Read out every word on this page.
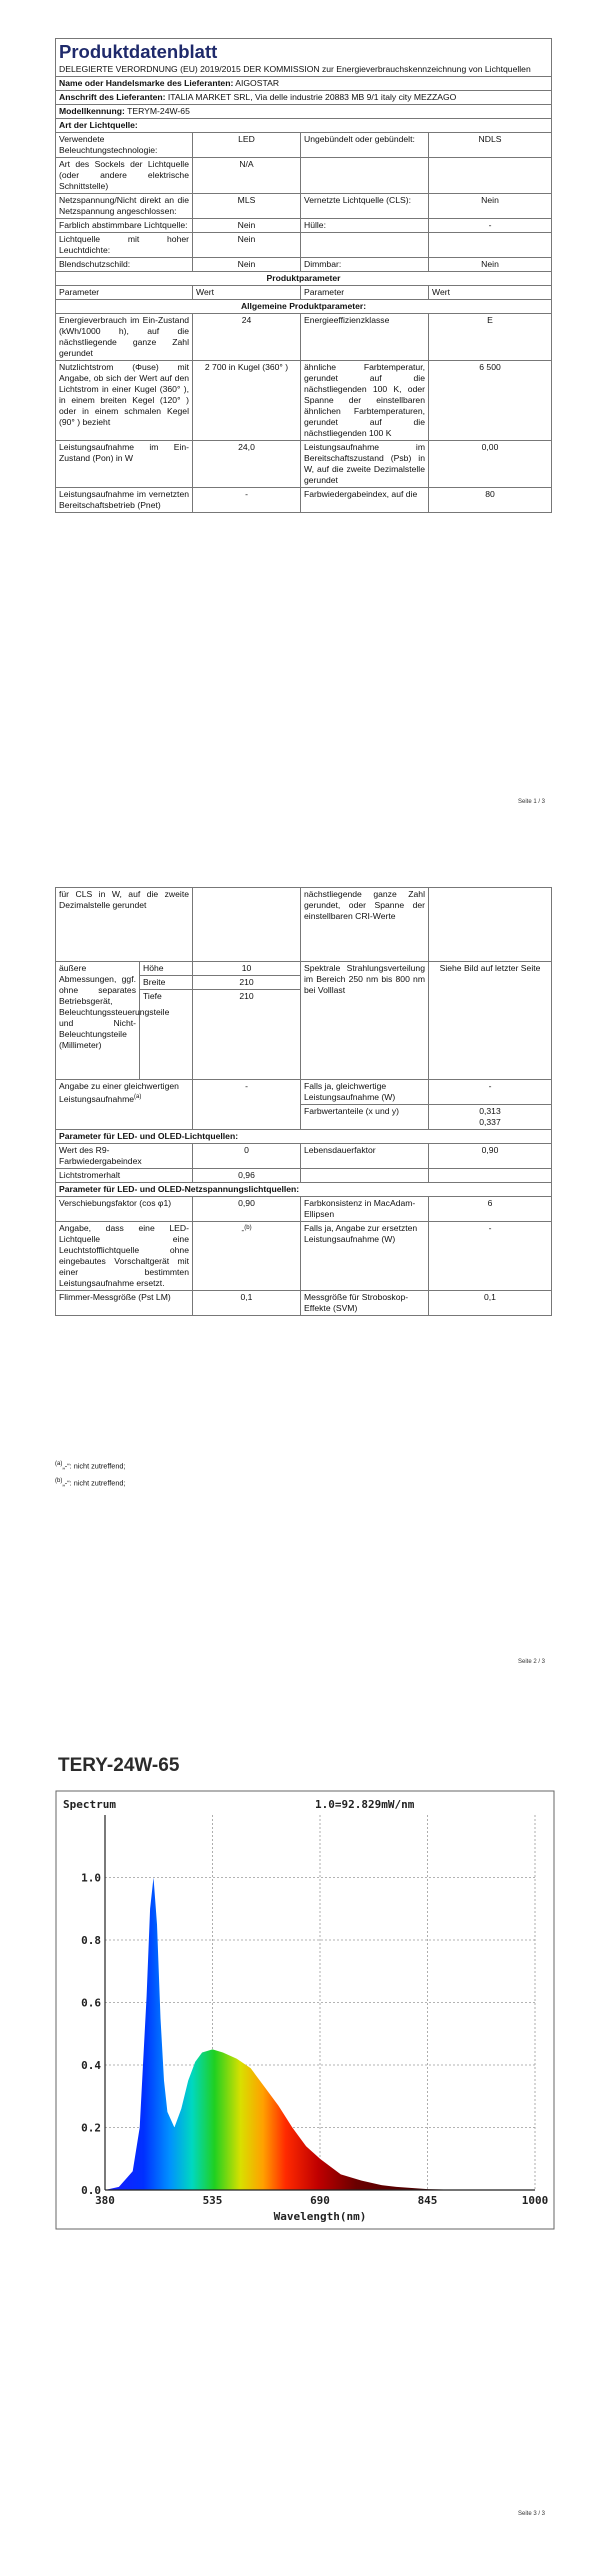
Produktdatenblatt			
DELEGIERTE VERORDNUNG (EU) 2019/2015 DER KOMMISSION zur Energieverbrauchskennzeichnung von Lichtquellen			
Name oder Handelsmarke des Lieferanten: AIGOSTAR			
Anschrift des Lieferanten: ITALIA MARKET SRL, Via delle industrie 20883 MB 9/1 italy city MEZZAGO			
Modellkennung: TERYM-24W-65			
Art der Lichtquelle:			
Verwendete Beleuchtungstechnologie:	LED	Ungebündelt oder gebündelt:	NDLS
Art des Sockels der Lichtquelle (oder andere elektrische Schnittstelle)	N/A		
Netzspannung/Nicht direkt an die Netzspannung angeschlossen:	MLS	Vernetzte Lichtquelle (CLS):	Nein
Farblich abstimmbare Lichtquelle:	Nein	Hülle:	-
Lichtquelle mit hoher Leuchtdichte:	Nein		
Blendschutzschild:	Nein	Dimmbar:	Nein
Produktparameter			
Parameter	Wert	Parameter	Wert
Allgemeine Produktparameter:			
Energieverbrauch im Ein-Zustand (kWh/1000 h), auf die nächstliegende ganze Zahl gerundet	24	Energieeffizienzklasse	E
Nutzlichtstrom (Φuse) mit Angabe, ob sich der Wert auf den Lichtstrom in einer Kugel (360° ), in einem breiten Kegel (120° ) oder in einem schmalen Kegel (90° ) bezieht	2 700 in Kugel (360° )	ähnliche Farbtemperatur, gerundet auf die nächstliegenden 100 K, oder Spanne der einstellbaren ähnlichen Farbtemperaturen, gerundet auf die nächstliegenden 100 K	6 500
Leistungsaufnahme im Ein-Zustand (Pon) in W	24,0	Leistungsaufnahme im Bereitschaftszustand (Psb) in W, auf die zweite Dezimalstelle gerundet	0,00
Leistungsaufnahme im vernetzten Bereitschaftsbetrieb (Pnet)	-	Farbwiedergabeindex, auf die	80
Seite 1 / 3
für CLS in W, auf die zweite Dezimalstelle gerundet			nächstliegende ganze Zahl gerundet, oder Spanne der einstellbaren CRI-Werte	
äußere Abmessungen, ggf. ohne separates Betriebsgerät, Beleuchtungssteuerungsteile und Nicht-Beleuchtungsteile (Millimeter)	Höhe	10	Spektrale Strahlungsverteilung im Bereich 250 nm bis 800 nm bei Volllast	Siehe Bild auf letzter Seite
	Breite	210		
	Tiefe	210		
Angabe zu einer gleichwertigen Leistungsaufnahme$^{(a)}$		-	Falls ja, gleichwertige Leistungsaufnahme (W)	-
			Farbwertanteile (x und y)	0,313
0,337

Parameter für LED- und OLED-Lichtquellen:				
Wert des R9-Farbwiedergabeindex		0	Lebensdauerfaktor	0,90
Lichtstromerhalt		0,96		
Parameter für LED- und OLED-Netzspannungslichtquellen:				
Verschiebungsfaktor (cos φ1)		0,90	Farbkonsistenz in MacAdam-Ellipsen	6
Angabe, dass eine LED-Lichtquelle eine Leuchtstofflichtquelle ohne eingebautes Vorschaltgerät mit einer bestimmten Leistungsaufnahme ersetzt.		-$^{(b)}$	Falls ja, Angabe zur ersetzten Leistungsaufnahme (W)	-
Flimmer-Messgröße (Pst LM)		0,1	Messgröße für Stroboskop-Effekte (SVM)	0,1
$^{(a)}$„-“: nicht zutreffend;
$^{(b)}$„-“: nicht zutreffend;
Seite 2 / 3
TERY-24W-65
380	535	690	845	1000
0.0
0.2
0.4
0.6
0.8
1.0
Wavelength(nm)
Spectrum	1.0=92.829mW/nm
Seite 3 / 3
